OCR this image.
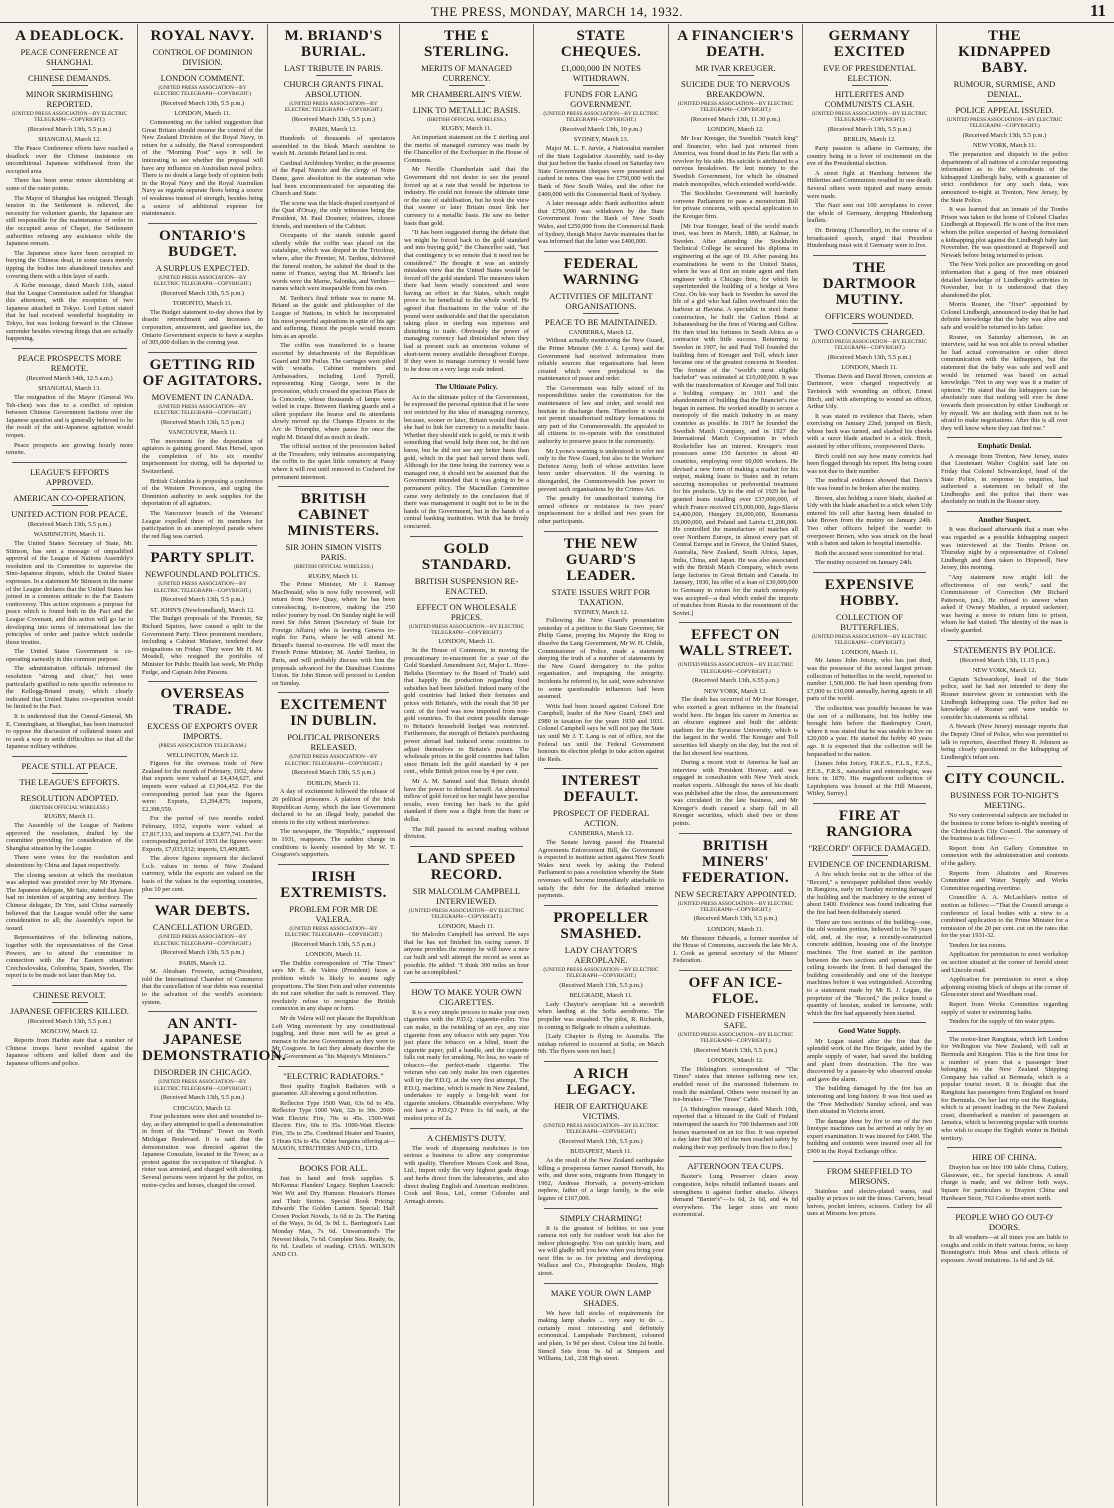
THE PRESS, MONDAY, MARCH 14, 1932.	11
A DEADLOCK.
PEACE CONFERENCE AT SHANGHAI.
CHINESE DEMANDS.
MINOR SKIRMISHING REPORTED.
(UNITED PRESS ASSOCIATION—BY ELECTRIC TELEGRAPH—COPYRIGHT.)
(Received March 13th, 5.5 p.m.)
SHANGHAI, March 12.

The Peace Conference efforts have reached a deadlock over the Chinese insistence on unconditional Japanese withdrawal from the occupied area.

There has been some minor skirmishing at some of the outer points.

The Mayor of Shanghai has resigned. Though tension in the Settlement is relieved, the necessity for volunteer guards, the Japanese are still responsible for the maintenance of order in the occupied areas of Chapei, the Settlement authorities refusing any assistance while the Japanese remain.

The Japanese since have been occupied in burying the Chinese dead, in some cases merely tipping the bodies into abandoned trenches and covering them with a thin layer of earth.

A Kobe message, dated March 11th, stated that the League Commission sailed for Shanghai this afternoon, with the exception of two Japanese attached in Tokyo. Lord Lytton stated that he had received wonderful hospitality in Tokyo, but was looking forward to the Chinese surrender besides viewing things that are actually happening.

PEACE PROSPECTS MORE REMOTE.
(Received March 14th, 12.5 a.m.)
SHANGHAI, March 13.

The resignation of the Mayor (General Wu Teh-chen) was due to a conflict of opinion between Chinese Government factions over the Japanese question and is generally believed to be the result of the anti-Japanese agitation would reopen.

Peace prospects are growing hourly more remote.

LEAGUE'S EFFORTS APPROVED.
AMERICAN CO-OPERATION.
UNITED ACTION FOR PEACE.
(Received March 13th, 5.5 p.m.)
WASHINGTON, March 11.

The United States Secretary of State, Mr. Stimson, has sent a message of unqualified approval of the League of Nations Assembly's resolution and its Committee to supervise the Sino-Japanese dispute, which the United States expresses. In a statement Mr Stimson in the name of the League declares that the United States has joined in a common attitude to the Far Eastern controversy. This action expresses a purpose for peace which is found both in the Pact and the League Covenant, and this action will go far to developing into terms of international law the principles of order and justice which underlie those treaties.

The United States Government is co-operating earnestly in this common purpose.

The administration officials informed the resolution "strong and clear," but were particularly gratified to note specific reference to the Kellogg-Briand treaty, which clearly indicated that United States co-operation would be limited to the Pact.

It is understood that the Consul-General, Mr E. Cunningham, at Shanghai, has been instructed to oppose the discussion of collateral issues and to seek a way to settle difficulties so that all the Japanese military withdraw.

PEACE STILL AT PEACE.
THE LEAGUE'S EFFORTS.
RESOLUTION ADOPTED.
(BRITISH OFFICIAL WIRELESS.)
RUGBY, March 11.

The Assembly of the League of Nations approved the resolution, drafted by the committee providing for consideration of the Shanghai situation by the League.

There were votes for the resolution and abstentions by China and Japan respectively.

The closing session at which the resolution was adopted was presided over by Mr Hymans. The Japanese delegate, Mr Sato, stated that Japan had no intention of acquiring any territory. The Chinese delegate, Dr Yen, said China earnestly believed that the League would offer the same consideration to all; the Assembly's report be issued.

Representatives of the following nations, together with the representatives of the Great Powers, are to attend the committee in connection with the Far Eastern situation: Czechoslovakia, Colombia, Spain, Sweden, The report is to be made not later than May 1st.

CHINESE REVOLT.
JAPANESE OFFICERS KILLED.
(Received March 13th, 5.5 p.m.)
MOSCOW, March 12.

Reports from Harbin state that a number of Chinese troops have revolted against the Japanese officers and killed them and the Japanese officers and police.

ROYAL NAVY.
CONTROL OF DOMINION DIVISION.
LONDON COMMENT.
(UNITED PRESS ASSOCIATION—BY ELECTRIC TELEGRAPH—COPYRIGHT.)
(Received March 13th, 5.5 p.m.)
LONDON, March 11.

Commenting on the cabled suggestion that Great Britain should resume the control of the New Zealand Division of the Royal Navy, in return for a subsidy, the Naval correspondent of the "Morning Post" says it will be interesting to see whether the proposal will have any influence on Australian naval policy. There is no doubt a large body of opinion both in the Royal Navy and the Royal Australian Navy as regards separate fleets being a source of weakness instead of strength, besides being a source of additional expense for maintenance.

ONTARIO'S BUDGET.
A SURPLUS EXPECTED.
(UNITED PRESS ASSOCIATION—BY ELECTRIC TELEGRAPH—COPYRIGHT.)
(Received March 13th, 5.5 p.m.)
TORONTO, March 11.

The Budget statement to-day shows that by drastic retrenchment and increases in corporation, amusement, and gasoline tax, the Ontario Government expects to have a surplus of 305,000 dollars in the coming year.

GETTING RID OF AGITATORS.
MOVEMENT IN CANADA.
(UNITED PRESS ASSOCIATION—BY ELECTRIC TELEGRAPH—COPYRIGHT.)
(Received March 13th, 5.5 p.m.)
VANCOUVER, March 11.

The movement for the deportation of agitators is gaining ground. Max Hersel, upon the completion of his six months' imprisonment for rioting, will be deported to Switzerland.

British Columbia is proposing a conference of the Western Provinces, and urging the Dominion authority to seek supplies for the deportation of all agitators.

The Vancouver branch of the Veterans' League expelled three of its members for participation in an unemployed parade where the red flag was carried.

PARTY SPLIT.
NEWFOUNDLAND POLITICS.
(UNITED PRESS ASSOCIATION—BY ELECTRIC TELEGRAPH—COPYRIGHT.)
(Received March 13th, 5.5 p.m.)
ST. JOHN'S (Newfoundland), March 12.

The Budget proposals of the Premier, Sir Richard Squires, have caused a split in the Government Party. Three prominent members, including a Cabinet Minister, tendered their resignations on Friday. They were Mr H. M. Mosdell, who resigned the portfolio of Minister for Public Health last week, Mr Philip Fudge, and Captain John Parsons.

OVERSEAS TRADE.
EXCESS OF EXPORTS OVER IMPORTS.
(PRESS ASSOCIATION TELEGRAM.)
WELLINGTON, March 12.

Figures for the overseas trade of New Zealand for the month of February, 1932, show that exports were valued at £4,434,627, and imports were valued at £1,904,452. For the corresponding period last year the figures were: Exports, £3,294,875; imports, £2,398,559.

For the period of two months ended February, 1932, exports were valued at £7,817,133, and imports at £3,877,741. For the corresponding period of 1931 the figures were: Exports, £7,033,912; imports, £5,409,885.

The above figures represent the declared f.o.b. values in terms of New Zealand currency, while the exports are valued on the basis of the values in the exporting countries, plus 10 per cent.

WAR DEBTS.
CANCELLATION URGED.
(UNITED PRESS ASSOCIATION—BY ELECTRIC TELEGRAPH—COPYRIGHT.)
(Received March 13th, 5.5 p.m.)
PARIS, March 12.

M. Abraham Frowein, acting-President, told the International Chamber of Commerce that the cancellation of war debts was essential to the salvation of the world's economic system.

AN ANTI-JAPANESE DEMONSTRATION.
DISORDER IN CHICAGO.
(UNITED PRESS ASSOCIATION—BY ELECTRIC TELEGRAPH—COPYRIGHT.)
(Received March 13th, 5.5 p.m.)
CHICAGO, March 12.

Four policemen were shot and wounded to-day, as they attempted to quell a demonstration in front of the "Tribune" Tower on North Michigan Boulevard. It is said that the demonstration was directed against the Japanese Consulate, located in the Tower, as a protest against the occupation of Shanghai. A rioter was arrested, and charged with shooting. Several persons were injured by the police, on motor-cycles and horses, charged the crowd.

M. BRIAND'S BURIAL.
LAST TRIBUTE IN PARIS.
CHURCH GRANTS FINAL ABSOLUTION.
(UNITED PRESS ASSOCIATION—BY ELECTRIC TELEGRAPH—COPYRIGHT.)
(Received March 13th, 5.5 p.m.)
PARIS, March 12.

Hundreds of thousands of spectators assembled in the bleak March sunshine to watch M. Aristide Briand laid to rest.

Cardinal Archbishop Verdier, in the presence of the Papal Nuncio and the clergy of Notre Dame, gave absolution to the statesman who had been excommunicated for separating the Church and State.

The scene was the black-draped courtyard of the Quai d'Orsay, the only witnesses being the President, M. Paul Doumer, relatives, closest friends, and members of the Cabinet.

Occupants of the stands outside gazed silently while the coffin was placed on the catafalque, which was draped in the Tricolour, where, after the Premier, M. Tardieu, delivered the funeral oration, he saluted the dead in the name of France, saying that M. Briand's last words were the Marne, Salonika, and Verdun—names which were inseparable from his own.

M. Tardieu's final tribute was to name M. Briand as the guide and philosopher of the League of Nations, in which he incorporated his most powerful aspirations in spite of his age and suffering. Hence the people would mourn him as an apostle.

The coffin was transferred to a hearse escorted by detachments of the Republican Guard and 300 Poilus. The carriages were piled with wreaths. Cabinet members and Ambassadors, including Lord Tyrrell, representing King George, were in the procession, which crossed the spacious Place de la Concorde, whose thousands of lamps were veiled in crape. Between flanking guards and a silent populace the hearse and its attendants slowly moved up the Champs Elysees to the Arc de Triomphe, where pause for once the night M. Briand did as much in death.

The official section of the procession halted at the Trocadero, only intimates accompanying the coffin to the quiet little cemetery at Passy where it will rest until removed to Cocherel for permanent interment.

BRITISH CABINET MINISTERS.
SIR JOHN SIMON VISITS PARIS.
(BRITISH OFFICIAL WIRELESS.)
RUGBY, March 11.

The Prime Minister, Mr J. Ramsay MacDonald, who is now fully recovered, will return from New Quay, where he has been convalescing, to-morrow, making the 250 miles' journey by road. On Sunday night he will meet Sir John Simon (Secretary of State for Foreign Affairs) who is leaving Geneva to-night for Paris, where he will attend M. Briand's funeral to-morrow. He will meet the French Prime Minister, M. André Tardieu, in Paris, and will probably discuss with him the proposals advanced for the Danubian Customs Union. Sir John Simon will proceed to London on Sunday.

EXCITEMENT IN DUBLIN.
POLITICAL PRISONERS RELEASED.
(UNITED PRESS ASSOCIATION—BY ELECTRIC TELEGRAPH—COPYRIGHT.)
(Received March 13th, 5.5 p.m.)
DUBLIN, March 11.

A day of excitement followed the release of 20 political prisoners. A platoon of the Irish Republican Army, which the late Government declared to be an illegal body, paraded the streets in the city without interference.

The newspaper, the "Republic," suppressed in 1931, reappears. The sudden change in conditions is keenly resented by Mr W. T. Cosgrave's supporters.

IRISH EXTREMISTS.
PROBLEM FOR MR DE VALERA.
(UNITED PRESS ASSOCIATION—BY ELECTRIC TELEGRAPH—COPYRIGHT.)
(Received March 13th, 5.5 p.m.)
LONDON, March 11.

The Dublin correspondent of "The Times" says Mr E. de Valera (President) faces a problem which is likely to assume ugly proportions. The Sinn Fein and other extremists do not care whether the oath is removed. They resolutely refuse to recognise the British connexion in any shape or form.

Mr de Valera will not placate the Republican Left Wing movement by any constitutional juggling, and these men will be as great a menace to the new Government as they were to Mr Cosgrave. In fact they already describe the new Government as "his Majesty's Ministers."

"ELECTRIC RADIATORS."

Best quality English Radiators with a guarantee. All showing a good reflection.

Reflector Type 1500 Watt, 63s 6d to 45s. Reflector Type 1000 Watt, 32s to 30s. 2000-Watt Electric Fire, 70s to 45s. 1500-Watt Electric Fire, 60s to 35s. 1000-Watt Electric Fire, 35s to 25s. Combined Heater and Toaster, 5 Heats 63s to 45s. Other bargains offering at— MASON, STRUTHERS AND CO., LTD.

BOOKS FOR ALL.

Just to hand and fresh supplies. S. McKenna: Flanders' Legacy. Stephen Leacock: Wet Wit and Dry Humour. Heuston's Homes and Their Stories. Special Book Pricing: Edwards' The Golden Lantern. Special: Half Crown Pocket Novels, 1s 6d to 2s. The Parting of the Ways, 3s 6d, 3s 9d. L. Barrington's Last Monday Man, 7s 6d. Unwarranted's The Newest Ideals, 7s 6d. Complete Sets. Ready, 6s, 6s 6d. Leaflets of reading. CHAS. WILSON AND CO.

THE £ STERLING.
MERITS OF MANAGED CURRENCY.
MR CHAMBERLAIN'S VIEW.
LINK TO METALLIC BASIS.
(BRITISH OFFICIAL WIRELESS.)
RUGBY, March 11.

An important statement on the £ sterling and the merits of managed currency was made by the Chancellor of the Exchequer in the House of Commons.

Mr Neville Chamberlain said that the Government did not desire to see the pound forced up at a rate that would be injurious to industry. He could not foresee the ultimate time or the rate of stabilisation, but he took the view that sooner or later Britain must link her currency to a metallic basis. He saw no better basis than gold.

"It has been suggested during the debate that we might be forced back to the gold standard and into buying gold," the Chancellor said, "but that contingency is so remote that it need not be considered." He thought it was an entirely mistaken view that the United States would be forced off the gold standard. The measures taken there had been wisely conceived and were having an effect in the States, which might prove to be beneficial to the whole world. He agreed that fluctuations in the value of the pound were undesirable and that the speculation taking place in sterling was injurious and disturbing to trade. Obviously the power of managing currency had diminished when they had at present such an enormous volume of short-term money available throughout Europe. If they were to manage currency it would have to be done on a very large scale indeed.

The Ultimate Policy.

As to the ultimate policy of the Government, he expressed the personal opinion that if he were not restricted by the idea of managing currency, because, sooner or later, Britain would find that she had to link her currency to a metallic basis. Whether they should stick to gold, or mix it with something that would help them out, he did not know, but he did not see any better basis than gold, which in the past had served them well. Although for the time being the currency was a managed one, it should not be assumed that the Government intended that it was going to be a permanent policy. The Macmillan Committee came very definitely to the conclusion that if there was management it ought not to be in the hands of the Government, but in the hands of a central banking institution. With that he firmly concurred.

GOLD STANDARD.
BRITISH SUSPENSION RE-ENACTED.
EFFECT ON WHOLESALE PRICES.
(UNITED PRESS ASSOCIATION—BY ELECTRIC TELEGRAPH—COPYRIGHT.)
LONDON, March 11.

In the House of Commons, in moving the precautionary re-enactment for a year of the Gold Standard Amendment Act, Major L. Hore-Belisha (Secretary to the Board of Trade) said that happily the production regarding food subsidies had been falsified. Indeed many of the gold countries had linked their fortunes and prices with Britain's, with the result that 50 per cent. of the food was now imported from non-gold countries. To that extent possible damage to Britain's household budget was restricted. Furthermore, the strength of Britain's purchasing power abroad had induced some countries to adjust themselves to Britain's purses. The wholesale prices in the gold countries had fallen since Britain left the gold standard by 4 per cent., while British prices rose by 4 per cent.

Mr A. M. Samuel said that Britain should have the power to defend herself. An abnormal inflow of gold forced on her might have peculiar results, even forcing her back to the gold standard if there was a flight from the franc or dollar.

The Bill passed its second reading without division.

LAND SPEED RECORD.
SIR MALCOLM CAMPBELL INTERVIEWED.
(UNITED PRESS ASSOCIATION—BY ELECTRIC TELEGRAPH—COPYRIGHT.)
LONDON, March 11.

Sir Malcolm Campbell has arrived. He says that he has not finished his racing career. If anyone provides the money he will have a new car built and will attempt the record as soon as possible. He added: "I think 300 miles an hour can be accomplished."

HOW TO MAKE YOUR OWN CIGARETTES.

It is a very simple process to make your own cigarettes with the P.D.Q. cigarette-roller. You can make, in the twinkling of an eye, any size cigarette from any tobacco with any paper. You just place the tobacco on a blind, insert the cigarette paper, pull a handle, and the cigarette falls out ready for smoking. No loss, no waste of tobacco—the perfect-made cigarette. The veteran who can only make his own cigarettes will try the P.D.Q. at the very first attempt. The P.D.Q. machine, which is made in New Zealand, undertakes to supply a long-felt want for cigarette smokers. Obtainable everywhere. Why not have a P.D.Q.? Price 1s 6d each, at the modest price of 2s.

A CHEMIST'S DUTY.

The work of dispensing medicines is too serious a business to allow any compromise with quality. Therefore Messrs Cook and Ross, Ltd., import only the very highest grade drugs and herbs direct from the laboratories, and also direct dealing English and American medicines. Cook and Ross, Ltd., corner Colombo and Armagh streets.

STATE CHEQUES.
£1,000,000 IN NOTES WITHDRAWN.
FUNDS FOR LANG GOVERNMENT.
(UNITED PRESS ASSOCIATION—BY ELECTRIC TELEGRAPH—COPYRIGHT.)
(Received March 13th, 10 p.m.)
SYDNEY, March 13.

Major M. L. F. Jarvie, a Nationalist member of the State Legislative Assembly, said to-day that just before the banks closed on Saturday two State Government cheques were presented and cashed in notes. One was for £750,000 with the Bank of New South Wales, and the other for £400,000 with the Commercial Bank of Sydney.

A later message adds: Bank authorities admit that £750,000 was withdrawn by the State Government from the Bank of New South Wales, and £250,000 from the Commercial Bank of Sydney, though Major Jarvie maintains that he was informed that the latter was £400,000.

FEDERAL WARNING
ACTIVITIES OF MILITANT ORGANISATIONS.
PEACE TO BE MAINTAINED.
CANBERRA, March 12.

Without actually mentioning the New Guard, the Prime Minister (Mr J. A. Lyons) said the Government had received information from reliable sources that organisations had been created which were prejudicial to the maintenance of peace and order.

The Government was fully seized of its responsibilities under the constitution for the maintenance of law and order, and would not hesitate to discharge them. Therefore it would not permit unauthorised military formations in any part of the Commonwealth. He appealed to all citizens to co-operate with the constituted authority to preserve peace in the community.

Mr Lyons's warning is understood to refer not only to the New Guard, but also to the Workers' Defence Army, both of whose activities have been under observation. If the warning is disregarded, the Commonwealth has power to prevent such organisations by the Crimes Act.

The penalty for unauthorised training for armed offence or resistance is two years' imprisonment for a drilled and two years for other participants.

THE NEW GUARD'S LEADER.
STATE ISSUES WRIT FOR TAXATION.
SYDNEY, March 12.

Following the New Guard's presentation yesterday of a petition to the State Governor, Sir Philip Game, praying his Majesty the King to dissolve the Lang Government, Mr W. H. Childs, Commissioner of Police, made a statement denying the truth of a number of statements by the New Guard derogatory to the police organisation, and impugning the integrity. Incidents he referred to, he said, were subversive to some questionable influences had been assumed.

Writs had been issued against Colonel Eric Campbell, leader of the New Guard, £943 and £980 in taxation for the years 1930 and 1931. Colonel Campbell says he will not pay the State tax until Mr J. T. Lang is out of office, nor the Federal tax until the Federal Government honours its election pledge to take action against the Reds.

INTEREST DEFAULT.
PROSPECT OF FEDERAL ACTION.
CANBERRA, March 12.

The Senate having passed the Financial Agreements Enforcement Bill, the Government is expected to institute action against New South Wales next week by asking the Federal Parliament to pass a resolution whereby the State revenues will become immediately attachable to satisfy the debt for the defaulted interest payments.

PROPELLER SMASHED.
LADY CHAYTOR'S AEROPLANE.
(UNITED PRESS ASSOCIATION—BY ELECTRIC TELEGRAPH—COPYRIGHT.)
(Received March 13th, 5.5 p.m.)
BELGRADE, March 11.

Lady Chaytor's aeroplane hit a snowdrift when landing at the Sofia aerodrome. The propeller was smashed. The pilot, R. Richards, in coming to Belgrade to obtain a substitute.

[Lady Chaytor is flying to Australia. The mishap referred to occurred at Sofia, on March 9th. The flyers were not hurt.]

A RICH LEGACY.
HEIR OF EARTHQUAKE VICTIMS.
(UNITED PRESS ASSOCIATION—BY ELECTRIC TELEGRAPH—COPYRIGHT.)
(Received March 13th, 5.5 p.m.)
BUDAPEST, March 11.

As the result of the New Zealand earthquake killing a prosperous farmer named Horvath, his wife, and three sons, migrants from Hungary in 1902, Andreas Horvath, a poverty-stricken nephew, father of a large family, is the sole legatee of £167,000.

SIMPLY CHARMING!

It is the greatest of hobbies to use your camera not only for outdoor work but also for indoor photography. You can quickly learn, and we will gladly tell you how when you bring your next film to us for printing and developing. Wallace and Co., Photographic Dealers, High street.

MAKE YOUR OWN LAMP SHADES.

We have full stocks of requirements for making lamp shades ... very easy to do ... certainly most interesting and definitely economical. Lampshade Parchment, coloured and plain, 1s 9d per sheet. Colour tine 2d bottle. Stencil Sets from 9s 6d at Simpson and Williams, Ltd., 238 High street.

A FINANCIER'S DEATH.
MR IVAR KREUGER.
SUICIDE DUE TO NERVOUS BREAKDOWN.
(UNITED PRESS ASSOCIATION—BY ELECTRIC TELEGRAPH—COPYRIGHT.)
(Received March 13th, 11.30 p.m.)
LONDON, March 12.

Mr Ivar Kreuger, the Swedish "match king" and financier, who had just returned from America, was found dead in his Paris flat with a revolver by his side. His suicide is attributed to a nervous breakdown. He lent money to the Swedish Government, for which he obtained match monopolies, which extended world-wide.

The Stockholm Government will hurriedly convene Parliament to pass a moratorium Bill for private concerns, with special application to the Kreuger firm.

[Mr Ivar Kreuger, head of the world match trust, was born in March, 1880, at Kalmar, in Sweden. After attending the Stockholm Technical College he secured his diploma in engineering at the age of 19. After passing his examinations he went to the United States, where he was at first an estate agent and then engineer with a Chicago firm, for which he superintended the building of a bridge at Vera Cruz. On his way back to Sweden he saved the life of a girl who had fallen overboard into the harbour at Havana. A specialist in steel frame construction, he built the Carlton Hotel at Johannesburg for the firm of Waring and Gillow. He then tried his fortunes in South Africa as a contractor with little success. Returning to Sweden in 1907, he and Paul Toll founded the building firm of Kreuger and Toll, which later became one of the greatest concerns in Sweden. The fortune of the "world's most eligible bachelor" was estimated at £10,000,000. It was with the transformation of Kreuger and Toll into a holding company in 1911 and the abandonment of building that the financier's rise began in earnest. He worked steadily to secure a monopoly of the match industry in as many countries as possible. In 1917 he founded the Swedish Match Company, and in 1927 the International Match Corporation in which Rockefeller has an interest. Kreuger's trust possesses some 150 factories in about 40 countries, employing over 60,000 workers. He devised a new form of making a market for his output, making loans to States and in return securing monopolies or preferential treatment for his products. Up to the end of 1929 he had granted loans totalling over £37,000,000, of which France received £15,000,000, Jugo-Slavia £4,400,000, Hungary £6,000,000, Roumania £6,000,000, and Poland and Latvia £1,200,000. He controlled the manufacture of matches all over Northern Europe, in almost every part of Central Europe and in Greece, the United States, Australia, New Zealand, South Africa, Japan, India, China, and Japan. He was also associated with the British Match Company, which owns large factories in Great Britain and Canada. In January, 1930, his offer of a loan of £30,000,000 to Germany in return for the match monopoly was accepted—a deal which ended the imports of matches from Russia to the resentment of the Soviet.]

EFFECT ON WALL STREET.
(UNITED PRESS ASSOCIATION—BY ELECTRIC TELEGRAPH—COPYRIGHT.)
(Received March 13th, 6.55 p.m.)
NEW YORK, March 12.

The death has occurred of Mr Ivar Kreuger, who exerted a great influence in the financial world here. He began his career in America as an obscure engineer and built the athletic stadium for the Syracuse University, which is the largest in the world. The Kreuger and Toll securities fell sharply on the day, but the rest of the list showed few reactions.

During a recent visit to America he had an interview with President Hoover, and was engaged in consultation with New York stock market experts. Although the news of his death was published after the close, the announcement was circulated in the late business, and Mr Kreuger's death caused a sharp fall in all Kreuger securities, which shed two or three points.

BRITISH MINERS' FEDERATION.
NEW SECRETARY APPOINTED.
(UNITED PRESS ASSOCIATION—BY ELECTRIC TELEGRAPH—COPYRIGHT.)
(Received March 13th, 5.5 p.m.)
LONDON, March 11.

Mr Ebenezer Edwards, a former member of the House of Commons, succeeds the late Mr A. J. Cook as general secretary of the Miners' Federation.

OFF AN ICE-FLOE.
MAROONED FISHERMEN SAFE.
(UNITED PRESS ASSOCIATION—BY ELECTRIC TELEGRAPH—COPYRIGHT.)
(Received March 13th, 5.5 p.m.)
LONDON, March 12.

The Helsingfors correspondent of "The Times" states that intense suffering new ice, enabled most of the marooned fishermen to reach the mainland. Others were rescued by an ice-breaker.—"The Times" Cable.

[A Helsingfors message, dated March 10th, reported that a blizzard in the Gulf of Finland interrupted the search for 700 fishermen and 100 horses marooned on an ice floe. It was reported a day later that 300 of the men reached safety by making their way perilously from floe to floe.]

AFTERNOON TEA CUPS.

Baxter's Lung Preserver clears away congestion, helps rebuild inflamed tissues and strengthens it against further attacks. Always demand "Baxter's"—1s 6d, 2s 6d, and 4s 6d everywhere. The larger sizes are more economical.

GERMANY EXCITED
EVE OF PRESIDENTIAL ELECTION.
HITLERITES AND COMMUNISTS CLASH.
(UNITED PRESS ASSOCIATION—BY ELECTRIC TELEGRAPH—COPYRIGHT.)
(Received March 13th, 5.5 p.m.)
BERLIN, March 12.

Party passion is aflame in Germany, the country being in a fever of excitement on the eve of the Presidential election.

A street fight at Hamburg between the Hitlerites and Communists resulted in one death. Several others were injured and many arrests were made.

The Nazi sent out 100 aeroplanes to cover the whole of Germany, dropping Hindenburg leaflets.

Dr. Brüning (Chancellor), in the course of a broadcasted speech, urged that President Hindenburg must win if Germany were to live.

THE DARTMOOR MUTINY.
OFFICERS WOUNDED.
TWO CONVICTS CHARGED.
(UNITED PRESS ASSOCIATION—BY ELECTRIC TELEGRAPH—COPYRIGHT.)
(Received March 13th, 5.5 p.m.)
LONDON, March 11.

Thomas Davis and David Brown, convicts at Dartmoor, were charged respectively at Tavistock with wounding an officer, Ernest Birch, and with attempting to wound an officer, Arthur Udy.

It was stated in evidence that Davis, when exercising on January 22nd, jumped on Birch, whose back was turned, and slashed his cheeks with a razor blade attached to a stick. Birch, assisted by other officers, overpowered Davis.

Birch could not say how many convicts had been flogged through his report. His being count was not due to their number.

The medical evidence showed that Davis's life was found to be broken after the mutiny.

Brown, also holding a razor blade, slashed at Udy with the blade attached to a stick when Udy entered his cell after having been detailed to take Brown from the mutiny on January 24th. Two other officers helped the warder to overpower Brown, who was struck on the head with a baton and taken to hospital insensible.

Both the accused were committed for trial.

The mutiny occurred on January 24th.

EXPENSIVE HOBBY.
COLLECTION OF BUTTERFLIES.
(UNITED PRESS ASSOCIATION—BY ELECTRIC TELEGRAPH—COPYRIGHT.)
LONDON, March 11.

Mr James John Joicey, who has just died, was the possessor of the second largest private collection of butterflies in the world, reported to number 1,500,000. He had been spending from £7,000 to £10,000 annually, having agents in all parts of the world.

The collection was possibly because he was the son of a millionaire, but his hobby one brought him before the Bankruptcy Court, where it was stated that he was unable to live on £20,000 a year. He started the hobby 40 years ago. It is expected that the collection will be bequeathed to the nation.

[James John Joicey, F.R.E.S., F.L.S., F.Z.S., F.E.S., F.R.S., naturalist and entomologist, was born in 1870. His magnificent collection of Lepidoptera was housed at the Hill Museum, Witley, Surrey.]

FIRE AT RANGIORA
"RECORD" OFFICE DAMAGED.
EVIDENCE OF INCENDIARISM.

A fire which broke out in the office of the "Record," a newspaper published three weekly in Rangiora, early on Sunday morning damaged the building and the machinery to the extent of about £400. Evidence was found indicating that the fire had been deliberately started.

There are two sections of the building—one, the old wooden portion, believed to be 70 years old, and, at the rear, a recently-constructed concrete addition, housing one of the linotype machines. The first started in the partition between the two sections and spread into the ceiling towards the front. It had damaged the building considerably and one of the linotype machines before it was extinguished. According to a statement made by Mr B. J. Logan, the proprietor of the "Record," the police found a quantity of hessian, soaked in kerosene, with which the fire had apparently been started.

Good Water Supply.

Mr Logan stated after the fire that the splendid work of the Fire Brigade, aided by the ample supply of water, had saved the building and plant from destruction. The fire was discovered by a passer-by who observed smoke and gave the alarm.

The building damaged by the fire has an interesting and long history. It was first used as the "Free Methodists' Sunday school, and was then situated in Victoria street.

The damage done by fire to one of the two linotype machines can be arrived at only by an expert examination. It was insured for £400. The building and contents were insured over all for £900 in the Royal Exchange office.

FROM SHEFFIELD TO MIRSONS.

Stainless and electro-plated wares, real quality at prices to suit the times. Carvers, bread knives, pocket knives, scissors. Cutlery for all uses at Mirsons low prices.

THE KIDNAPPED BABY.
RUMOUR, SURMISE, AND DENIAL.
POLICE APPEAL ISSUED.
(UNITED PRESS ASSOCIATION—BY ELECTRIC TELEGRAPH—COPYRIGHT.)
(Received March 13th, 5.5 p.m.)
NEW YORK, March 11.

The preparation and dispatch to the police departments of all nations of a circular requesting information as to the whereabouts of the kidnapped Lindbergh baby, with a guarantee of strict confidence for any such data, was announced to-night at Trenton, New Jersey, by the State Police.

It was learned that an inmate of the Tombs Prison was taken to the home of Colonel Charles Lindbergh at Hopewell. He is one of the five men whom the police suspected of having formulated a kidnapping plot against the Lindbergh baby last November. He was questioned at Hopewell and Newark before being returned to prison.

The New York police are proceeding on good information that a gang of five men obtained detailed knowledge of Lindbergh's activities in November, but it is understood that they abandoned the plot.

Morris Rosner, the "fixer" appointed by Colonel Lindbergh, announced to-day that he had definite knowledge that the baby was alive and safe and would be returned to his father.

Rosner, on Saturday afternoon, in an interview, said he was not able to reveal whether he had actual conversation or other direct communication with the kidnappers, but the statement that the baby was safe and well and would be returned was based on actual knowledge. "Not in any way was it a matter of opinion." He stated that the kidnappers can be absolutely sure that nothing will ever be done towards their prosecution by either Lindbergh or by myself. We are dealing with them not to be afraid to make negotiations. After this is all over they will know where they can find me."

Emphatic Denial.

A message from Trenton, New Jersey, states that Lieutenant Walter Coghlin said late on Friday that Colonel Schwarzkopf, head of the State Police, in response to enquiries, had authorised a statement on behalf of the Lindberghs and the police that there was absolutely no truth in the Rosner story.

Another Suspect.

It was disclosed afterwards that a man who was regarded as a possible kidnapping suspect was interviewed at the Tombs Prison on Thursday night by a representative of Colonel Lindbergh and then taken to Hopewell, New Jersey, this morning.

"Any statement now might kill the effectiveness of our work," said the Commissioner of Correction (Mr Richard Patterson, jun.). He refused to answer when asked if Owney Madden, a reputed racketeer, was having a move to return him to prison, whom he had visited. The identity of the man is closely guarded.

STATEMENTS BY POLICE.
(Received March 13th, 11.15 p.m.)
NEW YORK, March 12.

Captain Schwarzkopf, head of the State police, said he had not intended to deny the Rosner interview given in connexion with the Lindbergh kidnapping case. The police had no knowledge of Rosner and were unable to consider his statements as official.

A Newark (New Jersey) message reports that the Deputy Chief of Police, who was permitted to talk to reporters, described Henry R. Johnson as being closely questioned in the kidnapping of Lindbergh's infant son.

CITY COUNCIL.
BUSINESS FOR TO-NIGHT'S MEETING.

No very controversial subjects are included in the business to come before to-night's meeting of the Christchurch City Council. The summary of the business is as follows:—

Report from Art Gallery Committee in connexion with the administration and contents of the gallery.

Reports from Abattoirs and Reserves Committee and Water Supply and Works Committee regarding overtime.

Councillor A. A. McLachlan's notice of motion as follows:—"That the Council arrange a conference of local bodies with a view to a combined application to the Prime Minister for a remission of the 20 per cent. cut on the rates due for the year 1931-32.

Tenders for tea rooms.

Application for permission to erect workshop on section situated at the corner of Jerrold street and Lincoln road.

Application for permission to erect a shop adjoining existing block of shops at the corner of Gloucester street and Woodham road.

Report from Works Committee regarding supply of water to swimming baths.

Tenders for the supply of 6in water pipes.

The motor-liner Rangitata, which left London for Wellington via New Zealand, will call at Bermuda and Kingston. This is the first time for a number of years that a passenger liner belonging to the New Zealand Shipping Company has called at Bermuda, which is a popular tourist resort. It is thought that the Rangitata has passengers from England on board for Bermuda. On her last trip out the Rangitata, which is at present loading in the New Zealand coast, disembarked a number of passengers at Jamaica, which is becoming popular with tourists who wish to escape the English winter in British territory.

HIRE OF CHINA.

Drayton has on hire 100 table China, Cutlery, Glassware, etc., for special functions. A small charge is made, and we deliver both ways. Square for particulars to Drayton China and Hardware Store, 763 Colombo street north.

PEOPLE WHO GO OUT-O' DOORS.

In all weathers—at all times you are liable to coughs and colds in their various forms, so keep Bonnington's Irish Moss and check effects of exposure. Avoid imitations. 1s 6d and 2s 6d.
